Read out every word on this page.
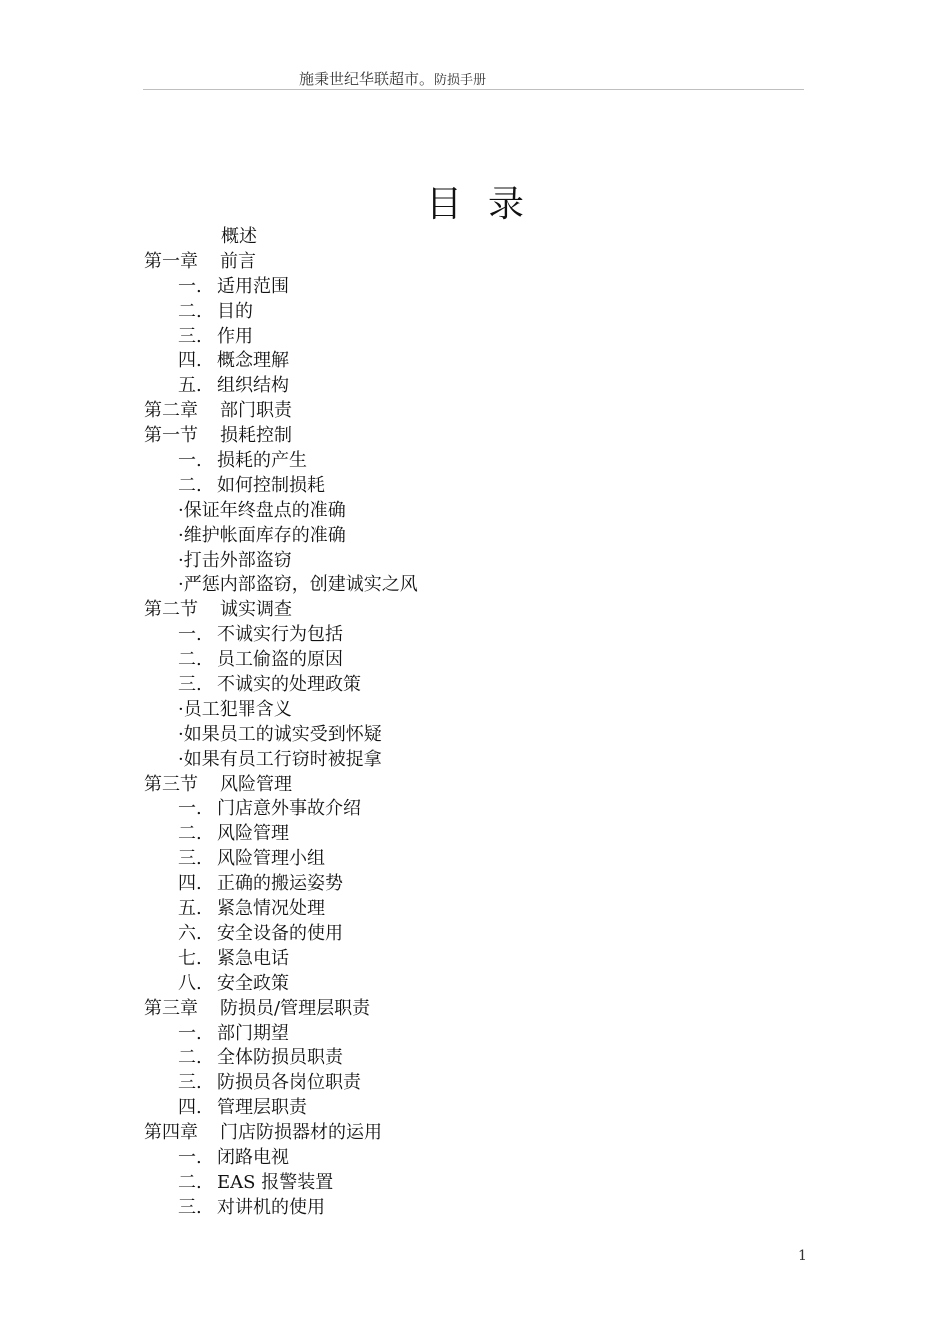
施秉世纪华联超市。防损手册
目录
概述
第一章 前言
一. 适用范围
二. 目的
三. 作用
四. 概念理解
五. 组织结构
第二章 部门职责
第一节 损耗控制
一. 损耗的产生
二. 如何控制损耗
·保证年终盘点的准确
·维护帐面库存的准确
·打击外部盗窃
·严惩内部盗窃，创建诚实之风
第二节 诚实调查
一. 不诚实行为包括
二. 员工偷盗的原因
三. 不诚实的处理政策
·员工犯罪含义
·如果员工的诚实受到怀疑
·如果有员工行窃时被捉拿
第三节 风险管理
一. 门店意外事故介绍
二. 风险管理
三. 风险管理小组
四. 正确的搬运姿势
五. 紧急情况处理
六. 安全设备的使用
七. 紧急电话
八. 安全政策
第三章 防损员/管理层职责
一. 部门期望
二. 全体防损员职责
三. 防损员各岗位职责
四. 管理层职责
第四章 门店防损器材的运用
一. 闭路电视
二. EAS 报警装置
三. 对讲机的使用
1
